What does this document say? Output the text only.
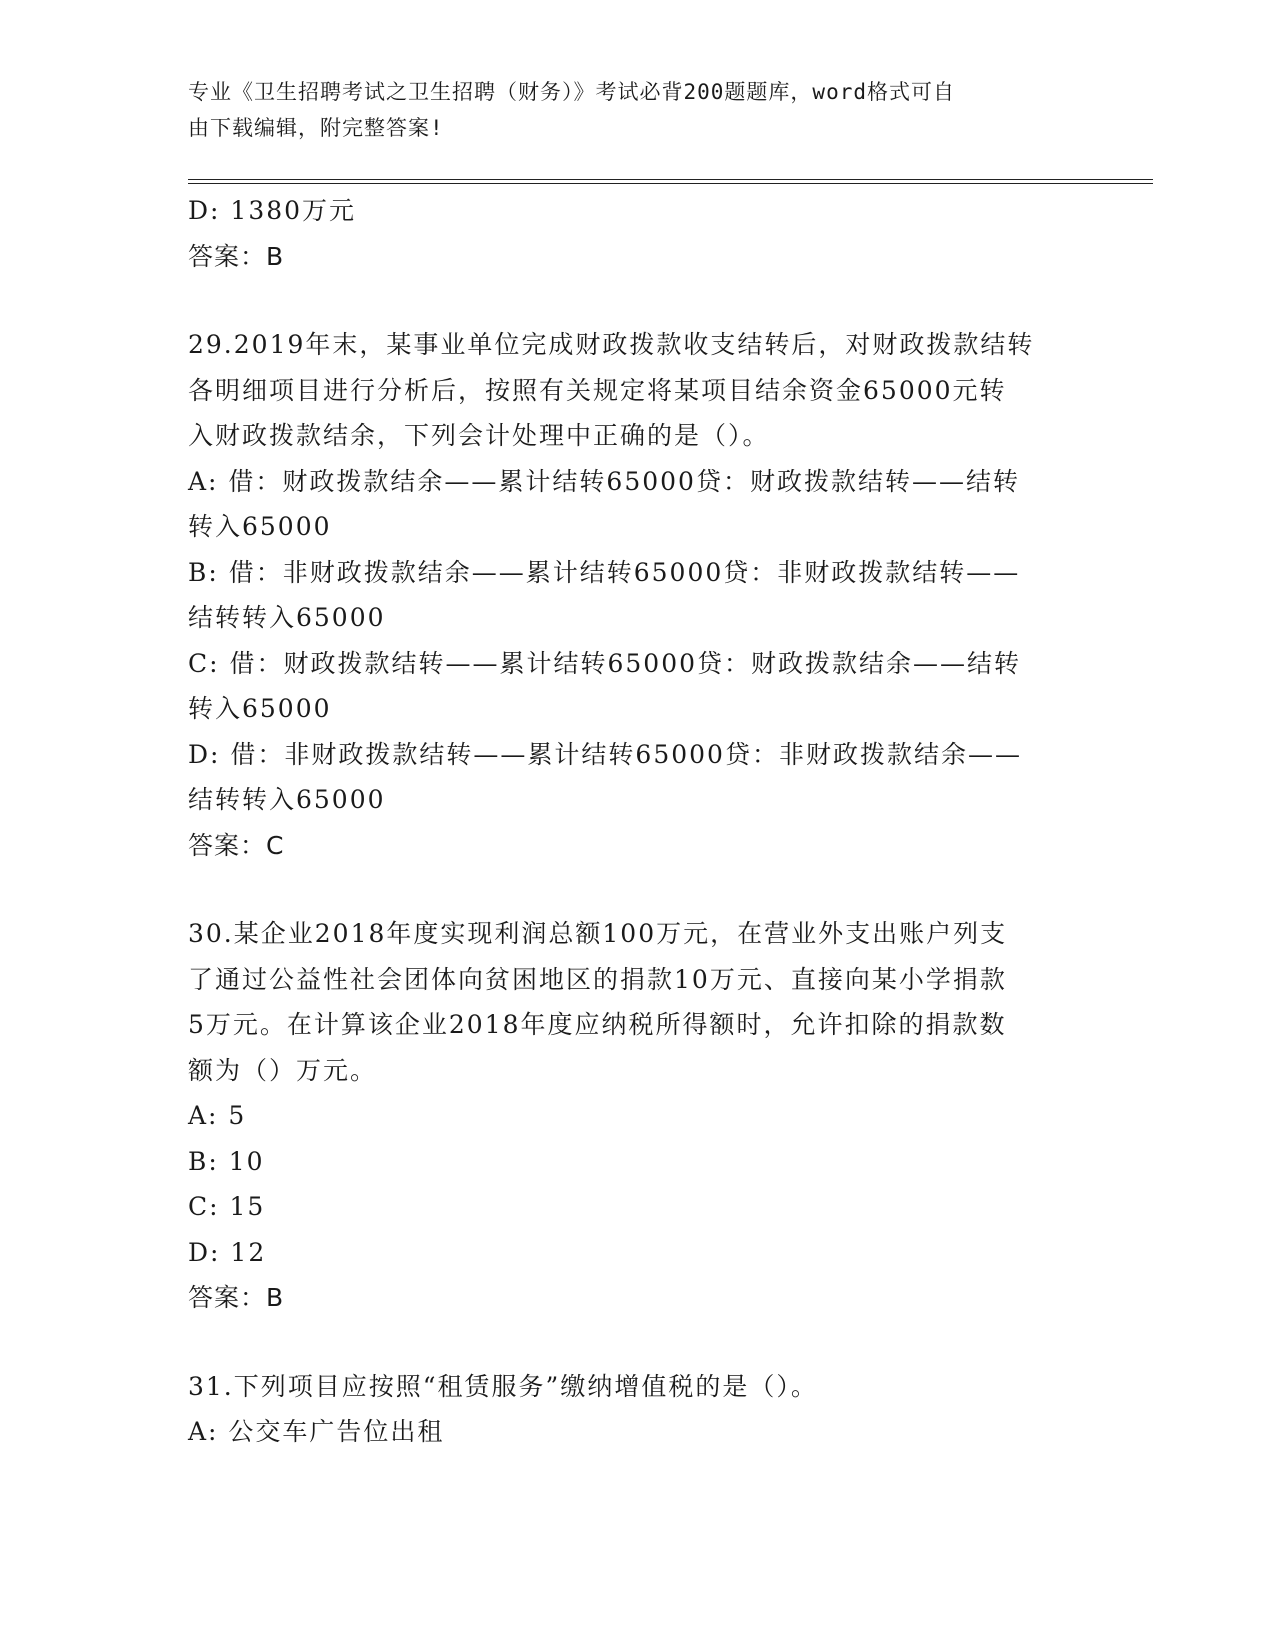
专业《卫生招聘考试之卫生招聘（财务）》考试必背200题题库，word格式可自
由下载编辑，附完整答案!
D: 1380万元
答案：B
29.2019年末，某事业单位完成财政拨款收支结转后，对财政拨款结转
各明细项目进行分析后，按照有关规定将某项目结余资金65000元转
入财政拨款结余，下列会计处理中正确的是（）。
A: 借：财政拨款结余——累计结转65000贷：财政拨款结转——结转
转入65000
B: 借：非财政拨款结余——累计结转65000贷：非财政拨款结转——
结转转入65000
C: 借：财政拨款结转——累计结转65000贷：财政拨款结余——结转
转入65000
D: 借：非财政拨款结转——累计结转65000贷：非财政拨款结余——
结转转入65000
答案：C
30.某企业2018年度实现利润总额100万元，在营业外支出账户列支
了通过公益性社会团体向贫困地区的捐款10万元、直接向某小学捐款
5万元。在计算该企业2018年度应纳税所得额时，允许扣除的捐款数
额为（）万元。
A: 5
B: 10
C: 15
D: 12
答案：B
31.下列项目应按照“租赁服务”缴纳增值税的是（）。
A: 公交车广告位出租
